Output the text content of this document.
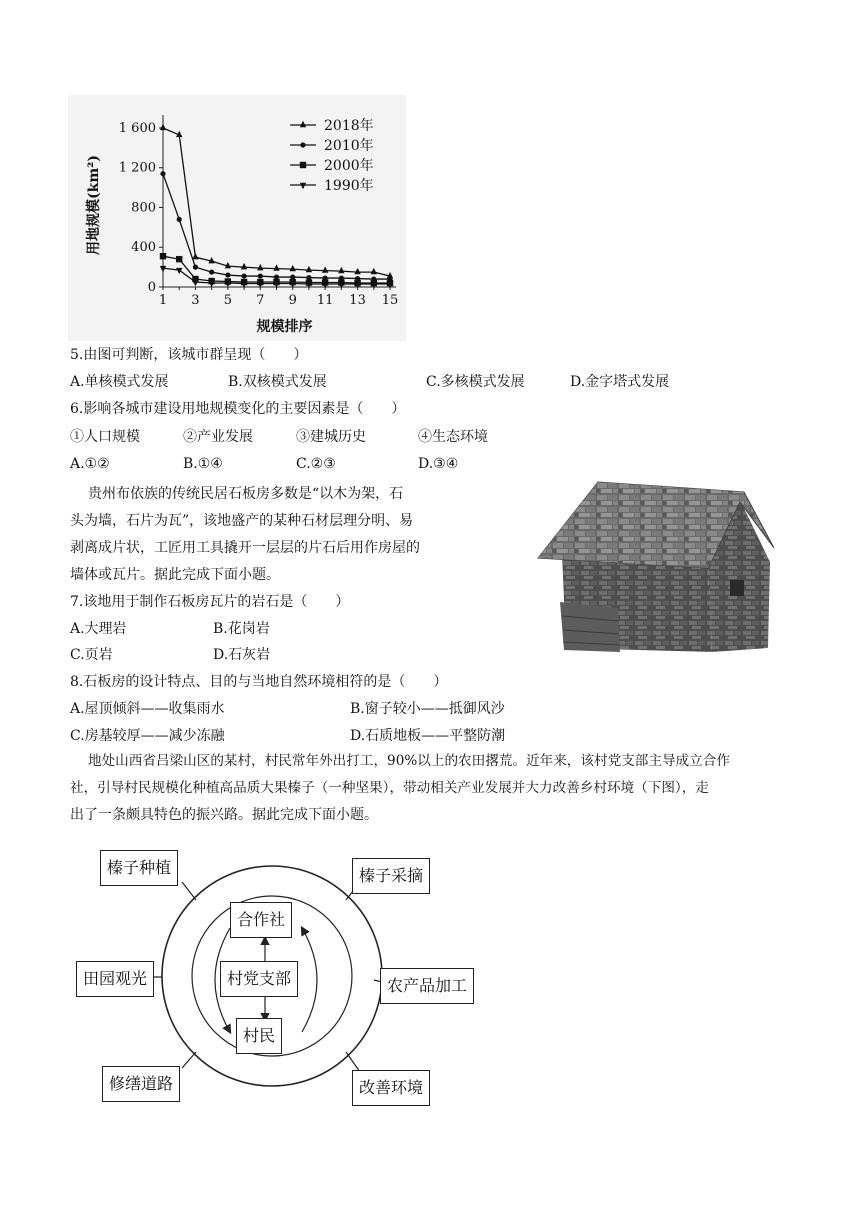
0
400
800
1 200
1 600
1 3 5 7 9 11 13 15
规模排序
用地规模(km²)
2018年
2010年
2000年
1990年
5.由图可判断，该城市群呈现（　　）
A.单核模式发展	B.双核模式发展	C.多核模式发展	D.金字塔式发展
6.影响各城市建设用地规模变化的主要因素是（　　）
①人口规模	②产业发展	③建城历史	④生态环境
A.①②	B.①④	C.②③	D.③④
贵州布依族的传统民居石板房多数是“以木为架，石
头为墙，石片为瓦”，该地盛产的某种石材层理分明、易
剥离成片状，工匠用工具撬开一层层的片石后用作房屋的
墙体或瓦片。据此完成下面小题。
7.该地用于制作石板房瓦片的岩石是（　　）
A.大理岩	B.花岗岩
C.页岩	D.石灰岩
8.石板房的设计特点、目的与当地自然环境相符的是（　　）
A.屋顶倾斜——收集雨水	B.窗子较小——抵御风沙
C.房基较厚——减少冻融	D.石质地板——平整防潮
地处山西省吕梁山区的某村，村民常年外出打工，90%以上的农田撂荒。近年来，该村党支部主导成立合作
社，引导村民规模化种植高品质大果榛子（一种坚果），带动相关产业发展并大力改善乡村环境（下图），走
出了一条颇具特色的振兴路。据此完成下面小题。
榛子种植	榛子采摘
田园观光	农产品加工
修缮道路	改善环境
合作社
村党支部
村民
